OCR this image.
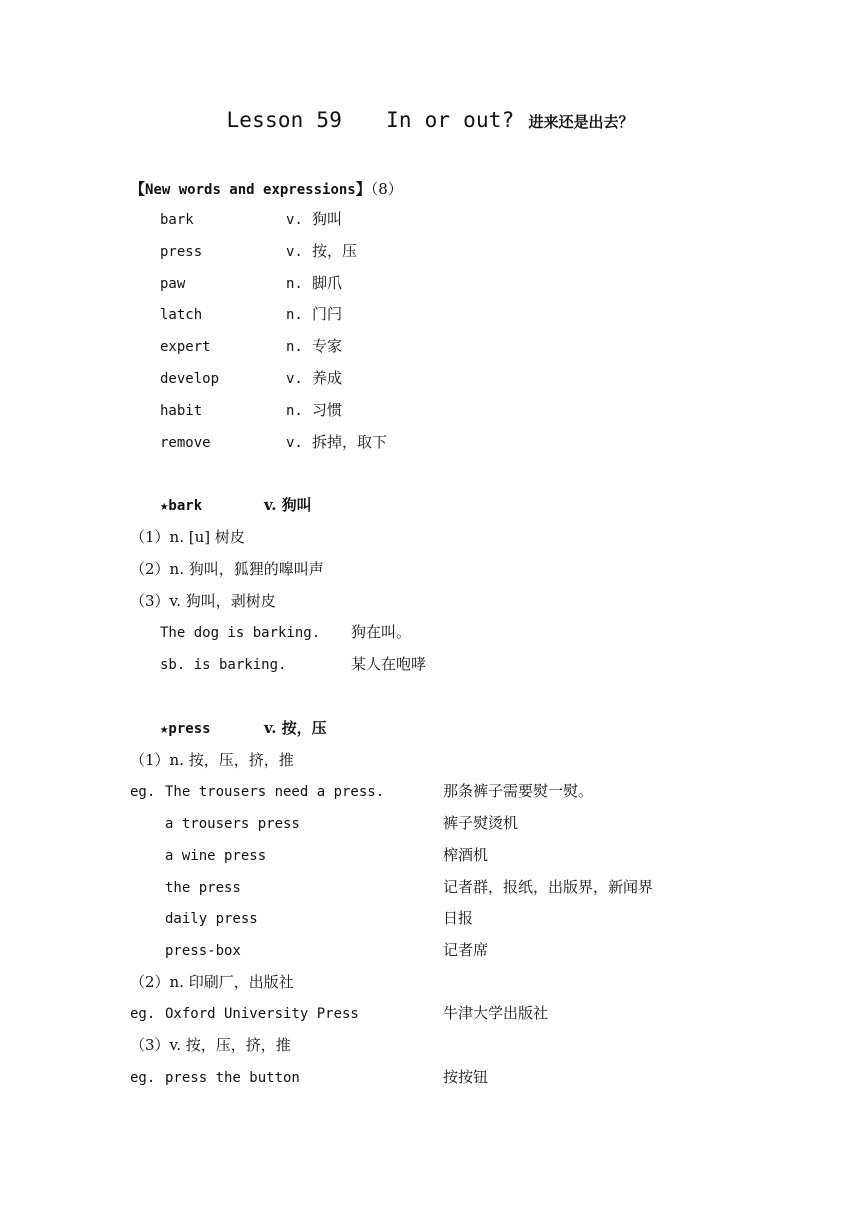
Lesson 59 In or out? 进来还是出去？
【New words and expressions】（8）
bark	v. 狗叫
press	v. 按，压
paw	n. 脚爪
latch	n. 门闩
expert	n. 专家
develop	v. 养成
habit	n. 习惯
remove	v. 拆掉，取下
★bark	v. 狗叫
（1）n. [u] 树皮
（2）n. 狗叫，狐狸的嗥叫声
（3）v. 狗叫，剥树皮
The dog is barking. 狗在叫。
sb. is barking.	某人在咆哮
★press	v. 按，压
（1）n. 按，压，挤，推
eg. The trousers need a press.	那条裤子需要熨一熨。
a trousers press	裤子熨烫机
a wine press	榨酒机
the press	记者群，报纸，出版界，新闻界
daily press	日报
press-box	记者席
（2）n. 印刷厂，出版社
eg. Oxford University Press	牛津大学出版社
（3）v. 按，压，挤，推
eg. press the button	按按钮
